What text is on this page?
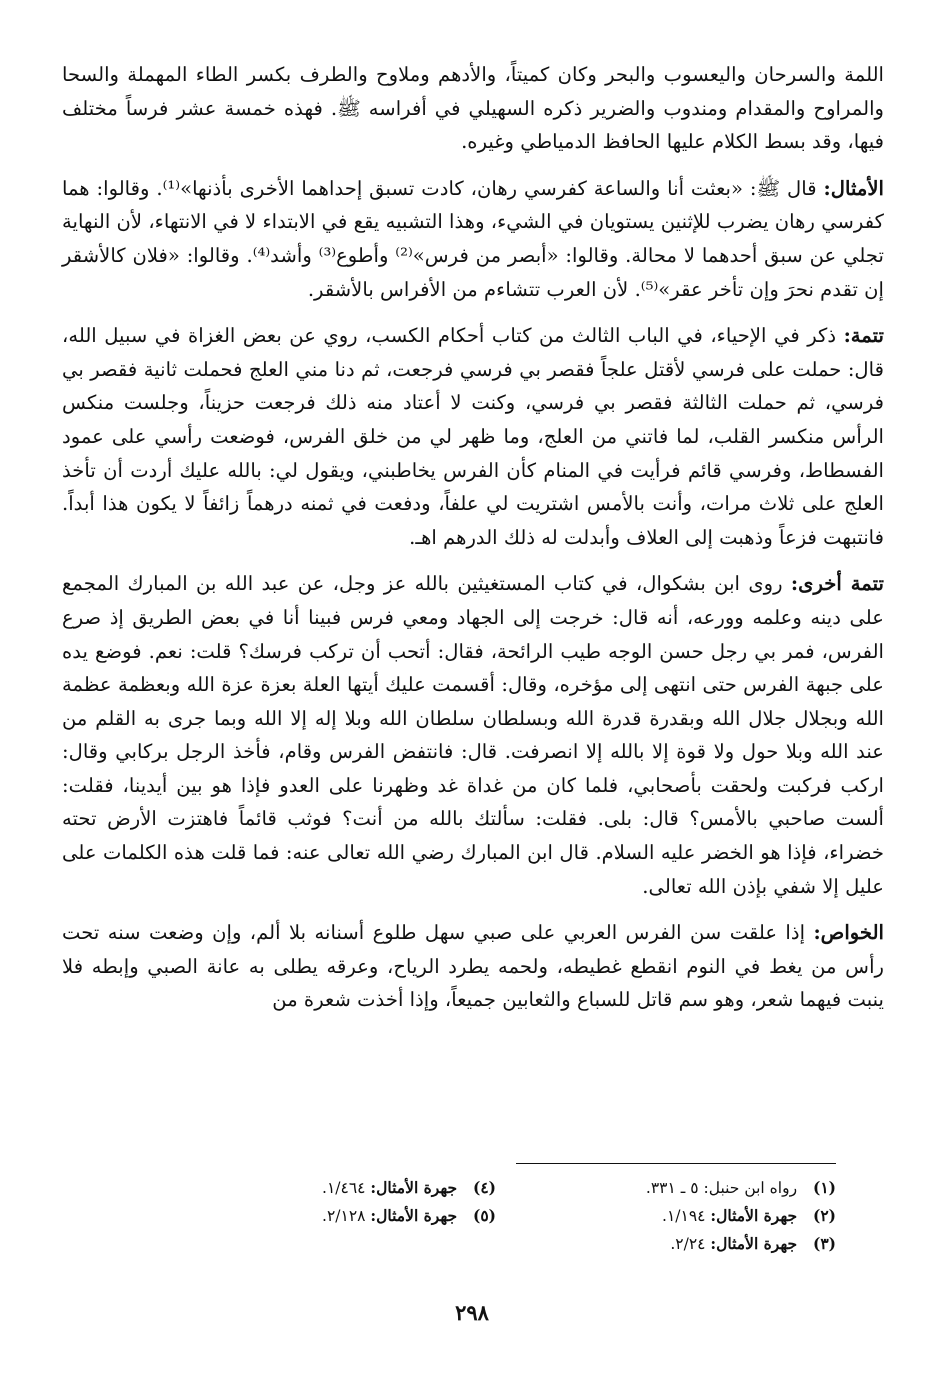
اللمة والسرحان واليعسوب والبحر وكان كميتاً، والأدهم وملاوح والطرف بكسر الطاء المهملة والسحا والمراوح والمقدام ومندوب والضرير ذكره السهيلي في أفراسه ﷺ. فهذه خمسة عشر فرساً مختلف فيها، وقد بسط الكلام عليها الحافظ الدمياطي وغيره.

الأمثال: قال ﷺ: «بعثت أنا والساعة كفرسي رهان، كادت تسبق إحداهما الأخرى بأذنها»⁽¹⁾. وقالوا: هما كفرسي رهان يضرب للإثنين يستويان في الشيء، وهذا التشبيه يقع في الابتداء لا في الانتهاء، لأن النهاية تجلي عن سبق أحدهما لا محالة. وقالوا: «أبصر من فرس»⁽²⁾ وأطوع⁽³⁾ وأشد⁽⁴⁾. وقالوا: «فلان كالأشقر إن تقدم نحرَ وإن تأخر عقر»⁽⁵⁾. لأن العرب تتشاءم من الأفراس بالأشقر.

تتمة: ذكر في الإحياء، في الباب الثالث من كتاب أحكام الكسب، روي عن بعض الغزاة في سبيل الله، قال: حملت على فرسي لأقتل علجاً فقصر بي فرسي فرجعت، ثم دنا مني العلج فحملت ثانية فقصر بي فرسي، ثم حملت الثالثة فقصر بي فرسي، وكنت لا أعتاد منه ذلك فرجعت حزيناً، وجلست منكس الرأس منكسر القلب، لما فاتني من العلج، وما ظهر لي من خلق الفرس، فوضعت رأسي على عمود الفسطاط، وفرسي قائم فرأيت في المنام كأن الفرس يخاطبني، ويقول لي: بالله عليك أردت أن تأخذ العلج على ثلاث مرات، وأنت بالأمس اشتريت لي علفاً، ودفعت في ثمنه درهماً زائفاً لا يكون هذا أبداً. فانتبهت فزعاً وذهبت إلى العلاف وأبدلت له ذلك الدرهم اهـ.

تتمة أخرى: روى ابن بشكوال، في كتاب المستغيثين بالله عز وجل، عن عبد الله بن المبارك المجمع على دينه وعلمه وورعه، أنه قال: خرجت إلى الجهاد ومعي فرس فبينا أنا في بعض الطريق إذ صرع الفرس، فمر بي رجل حسن الوجه طيب الرائحة، فقال: أتحب أن تركب فرسك؟ قلت: نعم. فوضع يده على جبهة الفرس حتى انتهى إلى مؤخره، وقال: أقسمت عليك أيتها العلة بعزة عزة الله وبعظمة عظمة الله وبجلال جلال الله وبقدرة قدرة الله وبسلطان سلطان الله وبلا إله إلا الله وبما جرى به القلم من عند الله وبلا حول ولا قوة إلا بالله إلا انصرفت. قال: فانتفض الفرس وقام، فأخذ الرجل بركابي وقال: اركب فركبت ولحقت بأصحابي، فلما كان من غداة غد وظهرنا على العدو فإذا هو بين أيدينا، فقلت: ألست صاحبي بالأمس؟ قال: بلى. فقلت: سألتك بالله من أنت؟ فوثب قائماً فاهتزت الأرض تحته خضراء، فإذا هو الخضر عليه السلام. قال ابن المبارك رضي الله تعالى عنه: فما قلت هذه الكلمات على عليل إلا شفي بإذن الله تعالى.

الخواص: إذا علقت سن الفرس العربي على صبي سهل طلوع أسنانه بلا ألم، وإن وضعت سنه تحت رأس من يغط في النوم انقطع غطيطه، ولحمه يطرد الرياح، وعرقه يطلى به عانة الصبي وإبطه فلا ينبت فيهما شعر، وهو سم قاتل للسباع والثعابين جميعاً، وإذا أخذت شعرة من

(١) رواه ابن حنبل: ٥ ـ ٣٣١.
(٢) جهرة الأمثال: ١/١٩٤.
(٣) جهرة الأمثال: ٢/٢٤.
(٤) جهرة الأمثال: ١/٤٦٤.
(٥) جهرة الأمثال: ٢/١٢٨.
٢٩٨
